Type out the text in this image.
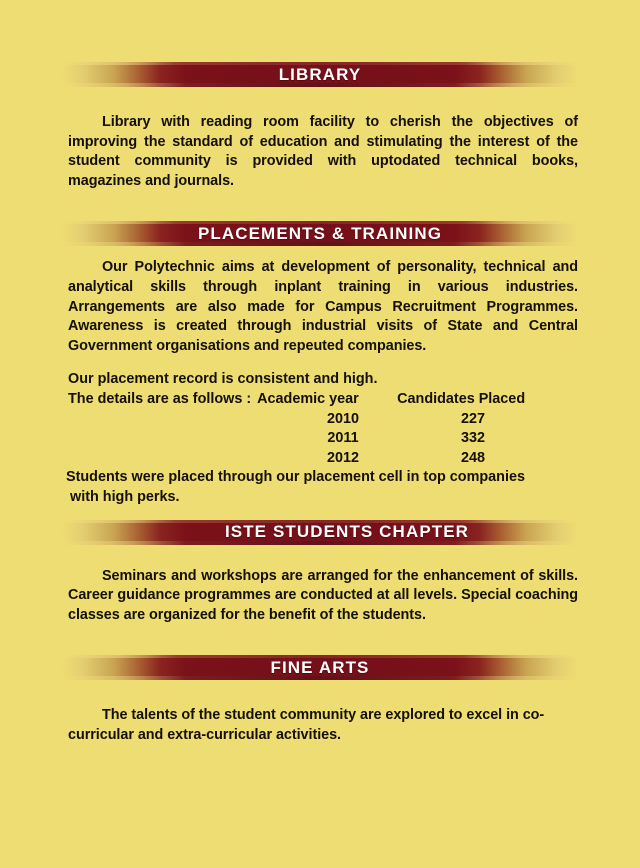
LIBRARY

Library with reading room facility to cherish the objectives of improving the standard of education and stimulating the interest of the student community is provided with uptodated technical books, magazines and journals.

PLACEMENTS & TRAINING

Our Polytechnic aims at development of personality, technical and analytical skills through inplant training in various industries. Arrangements are also made for Campus Recruitment Programmes. Awareness is created through industrial visits of State and Central Government organisations and repeuted companies.

Our placement record is consistent and high.
The details are as follows : Academic year	Candidates Placed
2010	227
2011	332
2012	248
Students were placed through our placement cell in top companies
with high perks.
ISTE STUDENTS CHAPTER

Seminars and workshops are arranged for the enhancement of skills. Career guidance programmes are conducted at all levels. Special coaching classes are organized for the benefit of the students.

FINE ARTS

The talents of the student community are explored to excel in co-curricular and extra-curricular activities.
